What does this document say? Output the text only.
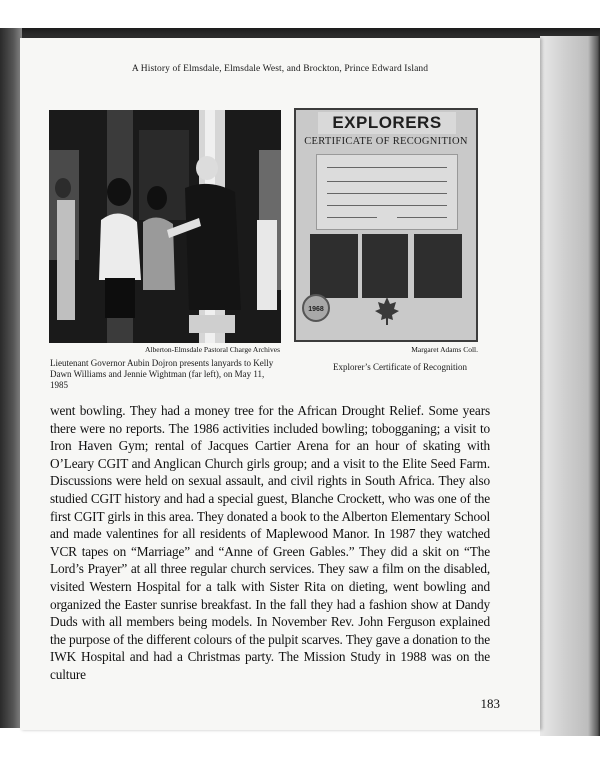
A History of Elmsdale, Elmsdale West, and Brockton, Prince Edward Island
Alberton-Elmsdale Pastoral Charge Archives
Lieutenant Governor Aubin Dojron presents lanyards to Kelly Dawn Williams and Jennie Wightman (far left), on May 11, 1985
EXPLORERS
CERTIFICATE OF RECOGNITION
1968
Margaret Adams Coll.
Explorer’s Certificate of Recognition
went bowling. They had a money tree for the African Drought Relief. Some years there were no reports. The 1986 activities included bowling; tobogganing; a visit to Iron Haven Gym; rental of Jacques Cartier Arena for an hour of skating with O’Leary CGIT and Anglican Church girls group; and a visit to the Elite Seed Farm. Discussions were held on sexual assault, and civil rights in South Africa. They also studied CGIT history and had a special guest, Blanche Crockett, who was one of the first CGIT girls in this area. They donated a book to the Alberton Elementary School and made valentines for all residents of Maplewood Manor. In 1987 they watched VCR tapes on “Marriage” and “Anne of Green Gables.” They did a skit on “The Lord’s Prayer” at all three regular church services. They saw a film on the disabled, visited Western Hospital for a talk with Sister Rita on dieting, went bowling and organized the Easter sunrise breakfast. In the fall they had a fashion show at Dandy Duds with all members being models. In November Rev. John Ferguson explained the purpose of the different colours of the pulpit scarves. They gave a donation to the IWK Hospital and had a Christmas party. The Mission Study in 1988 was on the culture
183
